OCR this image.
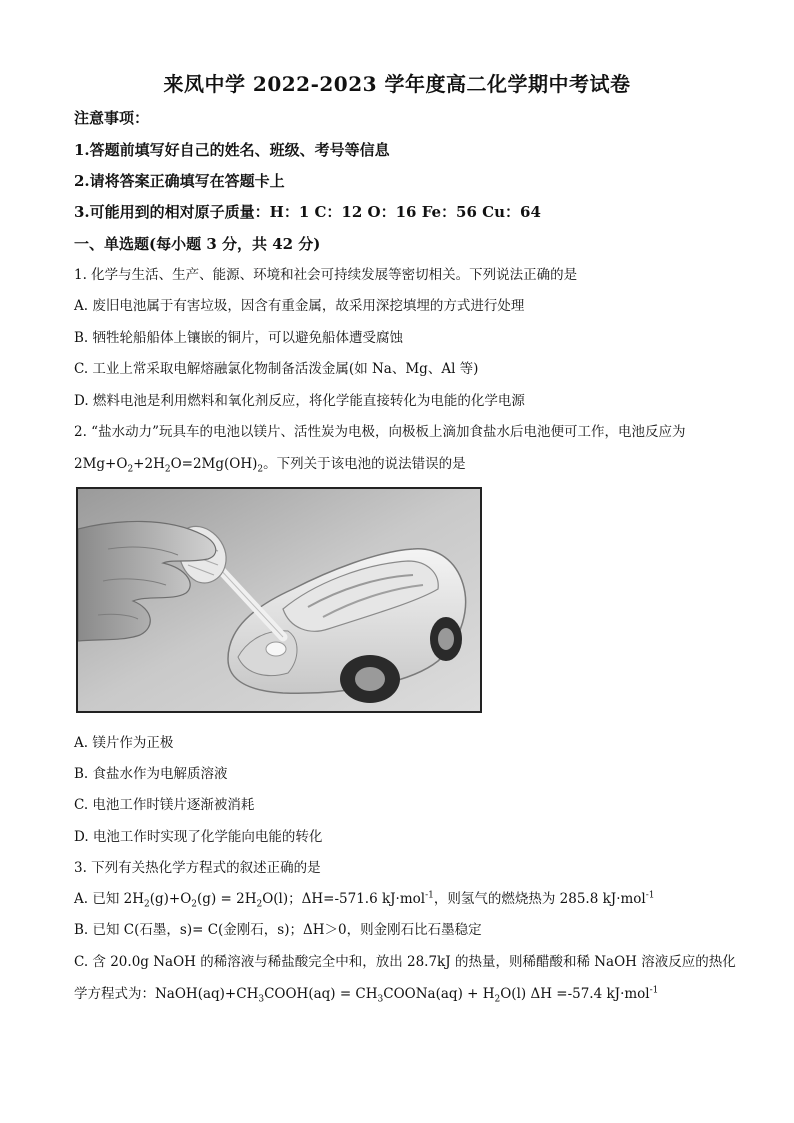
来凤中学 2022-2023 学年度高二化学期中考试卷
注意事项：
1.答题前填写好自己的姓名、班级、考号等信息
2.请将答案正确填写在答题卡上
3.可能用到的相对原子质量：H：1 C：12 O：16 Fe：56 Cu：64
一、单选题(每小题 3 分，共 42 分)
1. 化学与生活、生产、能源、环境和社会可持续发展等密切相关。下列说法正确的是
A. 废旧电池属于有害垃圾，因含有重金属，故采用深挖填埋的方式进行处理
B. 牺牲轮船船体上镶嵌的铜片，可以避免船体遭受腐蚀
C. 工业上常采取电解熔融氯化物制备活泼金属(如 Na、Mg、Al 等)
D. 燃料电池是利用燃料和氧化剂反应，将化学能直接转化为电能的化学电源
2. “盐水动力”玩具车的电池以镁片、活性炭为电极，向极板上滴加食盐水后电池便可工作，电池反应为
$2Mg+O_2+2H_2O=2Mg(OH)_2$。下列关于该电池的说法错误的是
A. 镁片作为正极
B. 食盐水作为电解质溶液
C. 电池工作时镁片逐渐被消耗
D. 电池工作时实现了化学能向电能的转化
3. 下列有关热化学方程式的叙述正确的是
A. 已知 $2H_2(g)+O_2(g) = 2H_2O(l)$；ΔH=-571.6 kJ·mol$^{-1}$，则氢气的燃烧热为 285.8 kJ·mol$^{-1}$
B. 已知 C(石墨，s)= C(金刚石，s)；ΔH＞0，则金刚石比石墨稳定
C. 含 20.0g NaOH 的稀溶液与稀盐酸完全中和，放出 28.7kJ 的热量，则稀醋酸和稀 NaOH 溶液反应的热化
学方程式为：$NaOH(aq)+CH_3COOH(aq)$ = $CH_3COONa(aq) + H_2O(l)$ ΔH =-57.4 kJ·mol$^{-1}$
